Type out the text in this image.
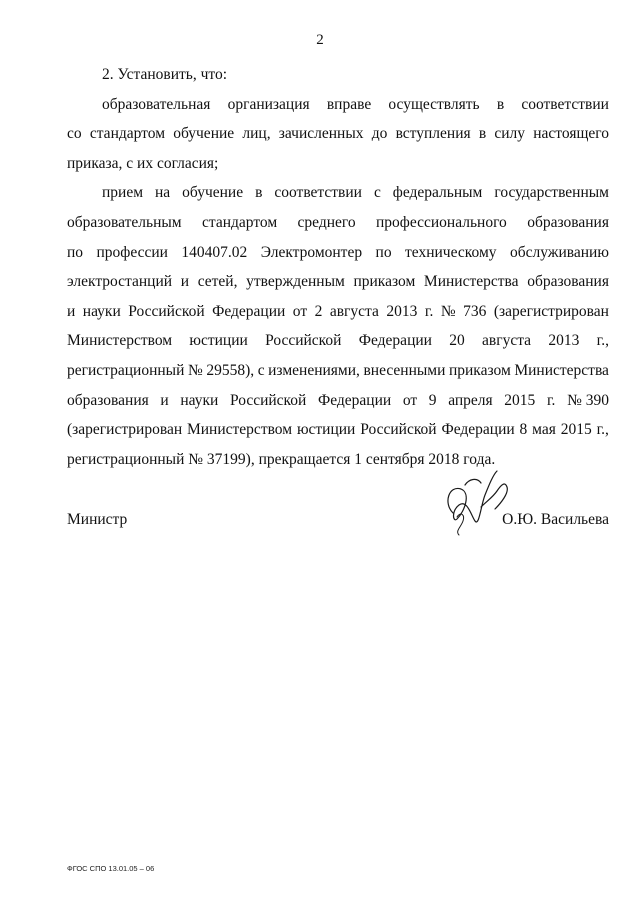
2
2. Установить, что:
образовательная организация вправе осуществлять в соответствии
со стандартом обучение лиц, зачисленных до вступления в силу настоящего
приказа, с их согласия;
прием на обучение в соответствии с федеральным государственным
образовательным стандартом среднего профессионального образования
по профессии 140407.02 Электромонтер по техническому обслуживанию
электростанций и сетей, утвержденным приказом Министерства образования
и науки Российской Федерации от 2 августа 2013 г. № 736 (зарегистрирован
Министерством юстиции Российской Федерации 20 августа 2013 г.,
регистрационный № 29558), с изменениями, внесенными приказом Министерства
образования и науки Российской Федерации от 9 апреля 2015 г. № 390
(зарегистрирован Министерством юстиции Российской Федерации 8 мая 2015 г.,
регистрационный № 37199), прекращается 1 сентября 2018 года.
Министр	О.Ю. Васильева
ФГОС СПО 13.01.05 – 06
